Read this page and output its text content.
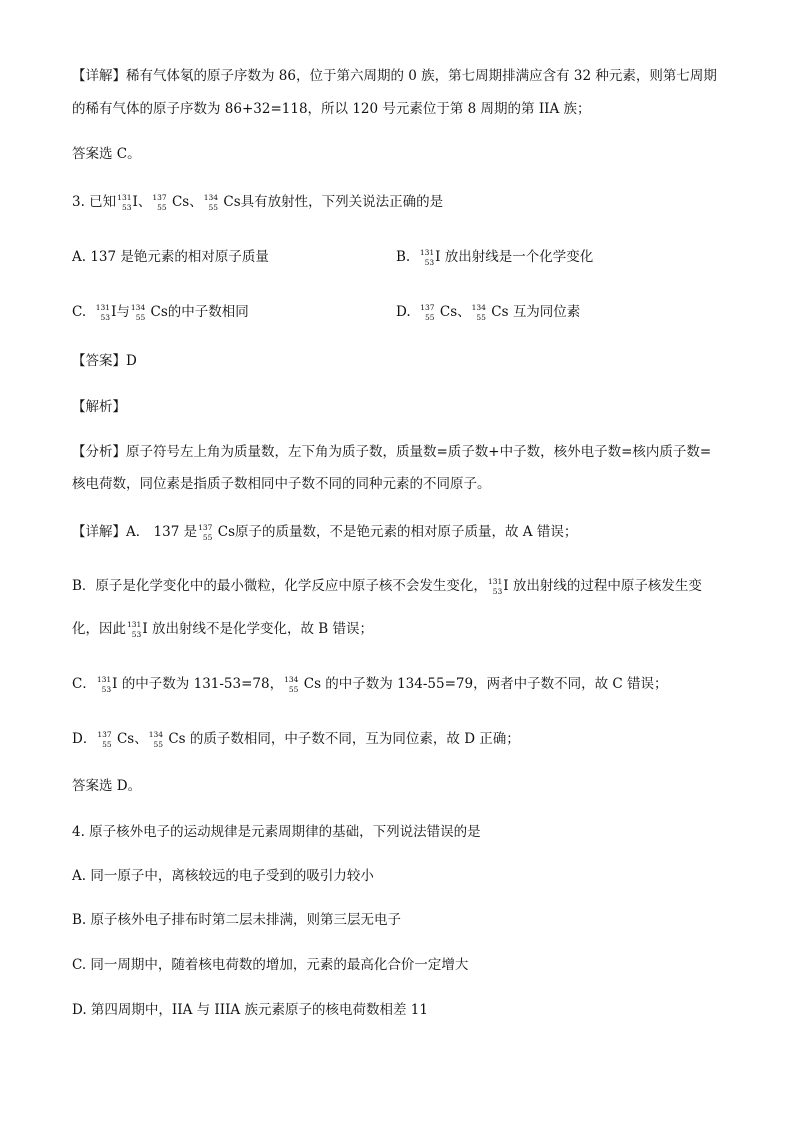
【详解】稀有气体氡的原子序数为 86，位于第六周期的 0 族，第七周期排满应含有 32 种元素，则第七周期
的稀有气体的原子序数为 86+32=118，所以 120 号元素位于第 8 周期的第 IIA 族；
答案选 C。
3. 已知 131
53 I、 137
55 Cs、 134
55 Cs具有放射性，下列关说法正确的是
A. 137 是铯元素的相对原子质量	B. 131
53 I 放出射线是一个化学变化
C. 131
53 I与 134
55 Cs的中子数相同	D. 137
55 Cs、 134
55 Cs 互为同位素
【答案】D
【解析】
【分析】原子符号左上角为质量数，左下角为质子数，质量数=质子数+中子数，核外电子数=核内质子数=
核电荷数，同位素是指质子数相同中子数不同的同种元素的不同原子。
【详解】A． 137 是 137
55 Cs原子的质量数，不是铯元素的相对原子质量，故 A 错误；
B．原子是化学变化中的最小微粒，化学反应中原子核不会发生变化， 131
53 I 放出射线的过程中原子核发生变
化，因此 131
53 I 放出射线不是化学变化，故 B 错误；
C． 131
53 I 的中子数为 131-53=78， 134
55 Cs 的中子数为 134-55=79，两者中子数不同，故 C 错误；
D． 137
55 Cs、 134
55 Cs 的质子数相同，中子数不同，互为同位素，故 D 正确；
答案选 D。
4. 原子核外电子的运动规律是元素周期律的基础，下列说法错误的是
A. 同一原子中，离核较远的电子受到的吸引力较小
B. 原子核外电子排布时第二层未排满，则第三层无电子
C. 同一周期中，随着核电荷数的增加，元素的最高化合价一定增大
D. 第四周期中，IIA 与 IIIA 族元素原子的核电荷数相差 11
